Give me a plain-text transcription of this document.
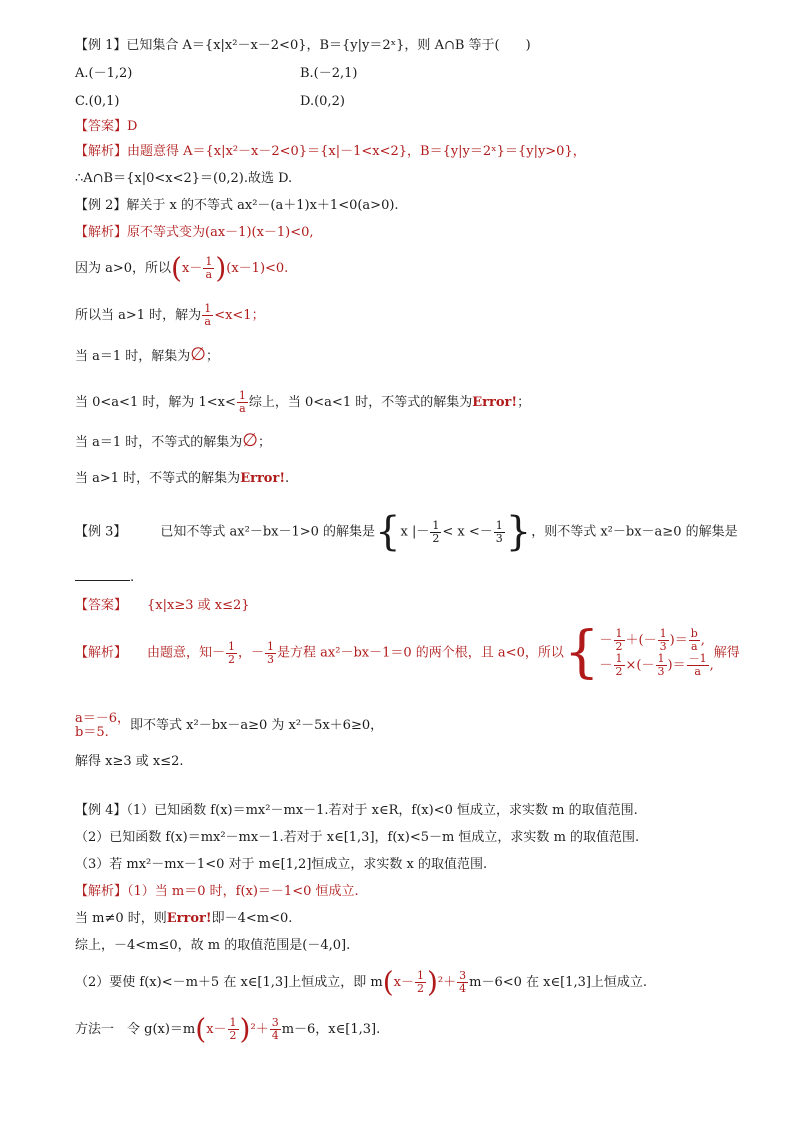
【例 1】已知集合 A＝{x|x²－x－2<0}，B＝{y|y＝2ˣ}，则 A∩B 等于(　　)
A.(－1,2)	B.(－2,1)
C.(0,1)	D.(0,2)
【答案】D
【解析】由题意得 A＝{x|x²－x－2<0}＝{x|－1<x<2}，B＝{y|y＝2ˣ}＝{y|y>0}，
∴A∩B＝{x|0<x<2}＝(0,2).故选 D.
【例 2】解关于 x 的不等式 ax²－(a＋1)x＋1<0(a>0).
【解析】原不等式变为(ax－1)(x－1)<0,
因为 a>0，所以$(x- \frac{1}{a} )(x-1)<0$.
所以当 a>1 时，解为 $\frac{1}{a} <x<1$；
当 a＝1 时，解集为∅；
当 0<a<1 时，解为 $1<x< \frac{1}{a}$ 综上，当 0<a<1 时，不等式的解集为Error!；
当 a＝1 时，不等式的解集为∅；
当 a>1 时，不等式的解集为Error!.
【例 3】	已知不等式 ax²－bx－1>0 的解集是{x |－ $\frac{1}{2} < x <- \frac{1}{3}$ }，则不等式 x²－bx－a≥0 的解集是
.
【答案】 {x|x≥3 或 x≤2}
【解析】 由题意，知－ $\frac{1}{2}$ ，－ $\frac{1}{3}$ 是方程 ax²－bx－1＝0 的两个根，且 a<0，所以{ － $\frac{1}{2}$ ＋(－ $\frac{1}{3}$ )＝ $\frac{b}{a}$ ,
－ $\frac{1}{2}$ ×(－ $\frac{1}{3}$ )＝ $\frac{-1}{a}$ ,
解得
a＝－6，
b＝5.	即不等式 x²－bx－a≥0 为 x²－5x＋6≥0，
解得 x≥3 或 x≤2.
【例 4】（1）已知函数 f(x)＝mx²－mx－1.若对于 x∈R，f(x)<0 恒成立，求实数 m 的取值范围.
（2）已知函数 f(x)＝mx²－mx－1.若对于 x∈[1,3]，f(x)<5－m 恒成立，求实数 m 的取值范围.
（3）若 mx²－mx－1<0 对于 m∈[1,2]恒成立，求实数 x 的取值范围.
【解析】（1）当 m＝0 时，f(x)＝－1<0 恒成立.
当 m≠0 时，则Error!即－4<m<0.
综上，－4<m≤0，故 m 的取值范围是(－4,0].
（2）要使 f(x)<－m＋5 在 x∈[1,3]上恒成立，即 $m(x- \frac{1}{2} )^2+ \frac{3}{4} m-6<0$ 在 x∈[1,3]上恒成立.
方法一　令 $g(x)=m(x- \frac{1}{2} )^2+ \frac{3}{4} m-6$，x∈[1,3].
